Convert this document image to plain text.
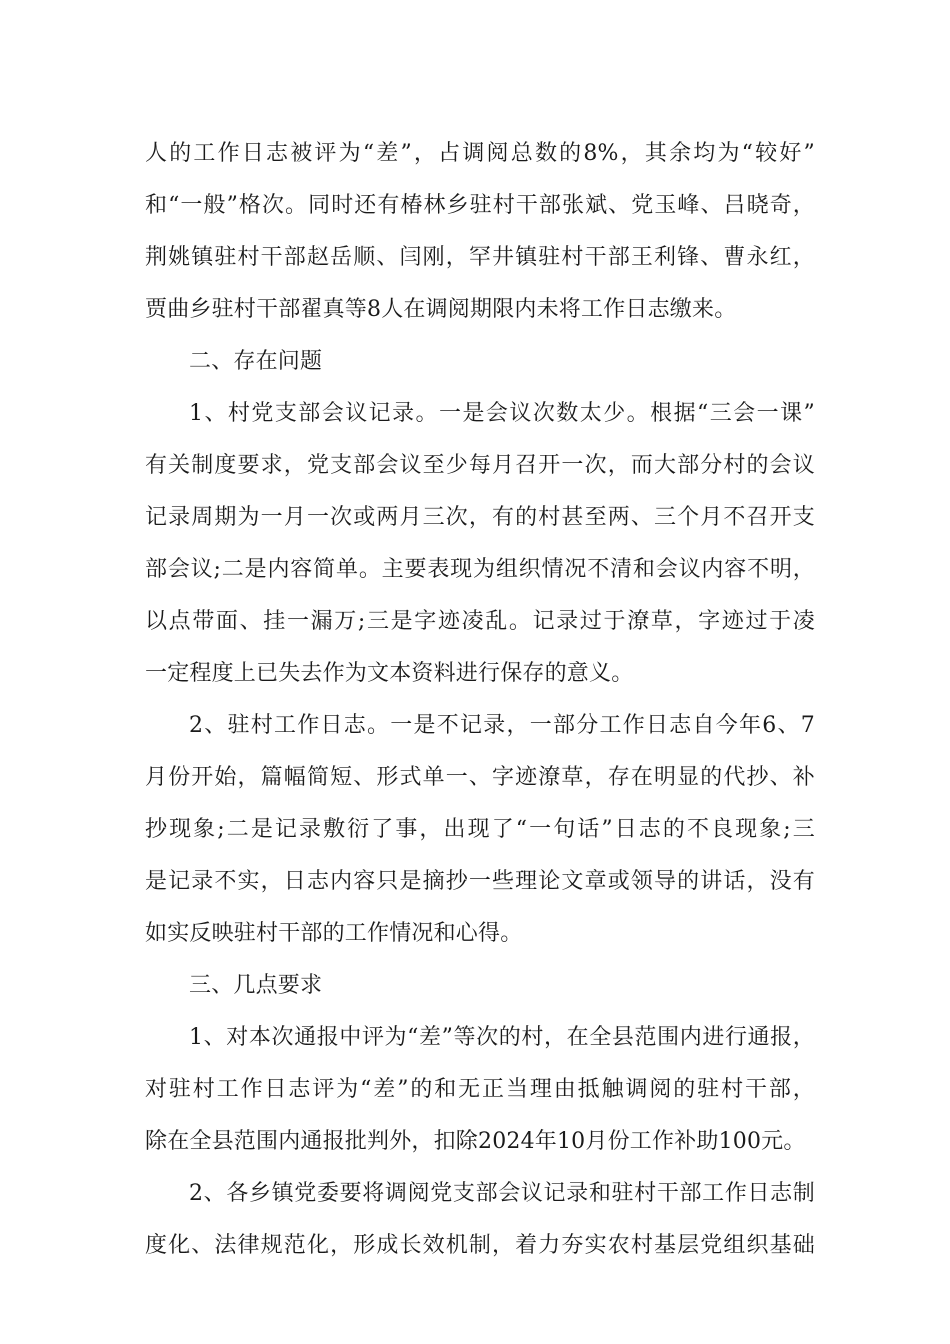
人的工作日志被评为“差”，占调阅总数的8%，其余均为“较好”
和“一般”格次。同时还有椿林乡驻村干部张斌、党玉峰、吕晓奇，
荆姚镇驻村干部赵岳顺、闫刚，罕井镇驻村干部王利锋、曹永红，
贾曲乡驻村干部翟真等8人在调阅期限内未将工作日志缴来。
二、存在问题
1、村党支部会议记录。一是会议次数太少。根据“三会一课”
有关制度要求，党支部会议至少每月召开一次，而大部分村的会议
记录周期为一月一次或两月三次，有的村甚至两、三个月不召开支
部会议;二是内容简单。主要表现为组织情况不清和会议内容不明，
以点带面、挂一漏万;三是字迹凌乱。记录过于潦草，字迹过于凌
一定程度上已失去作为文本资料进行保存的意义。
2、驻村工作日志。一是不记录，一部分工作日志自今年6、7
月份开始，篇幅简短、形式单一、字迹潦草，存在明显的代抄、补
抄现象;二是记录敷衍了事，出现了“一句话”日志的不良现象;三
是记录不实，日志内容只是摘抄一些理论文章或领导的讲话，没有
如实反映驻村干部的工作情况和心得。
三、几点要求
1、对本次通报中评为“差”等次的村，在全县范围内进行通报，
对驻村工作日志评为“差”的和无正当理由抵触调阅的驻村干部，
除在全县范围内通报批判外，扣除2024年10月份工作补助100元。
2、各乡镇党委要将调阅党支部会议记录和驻村干部工作日志制
度化、法律规范化，形成长效机制，着力夯实农村基层党组织基础
